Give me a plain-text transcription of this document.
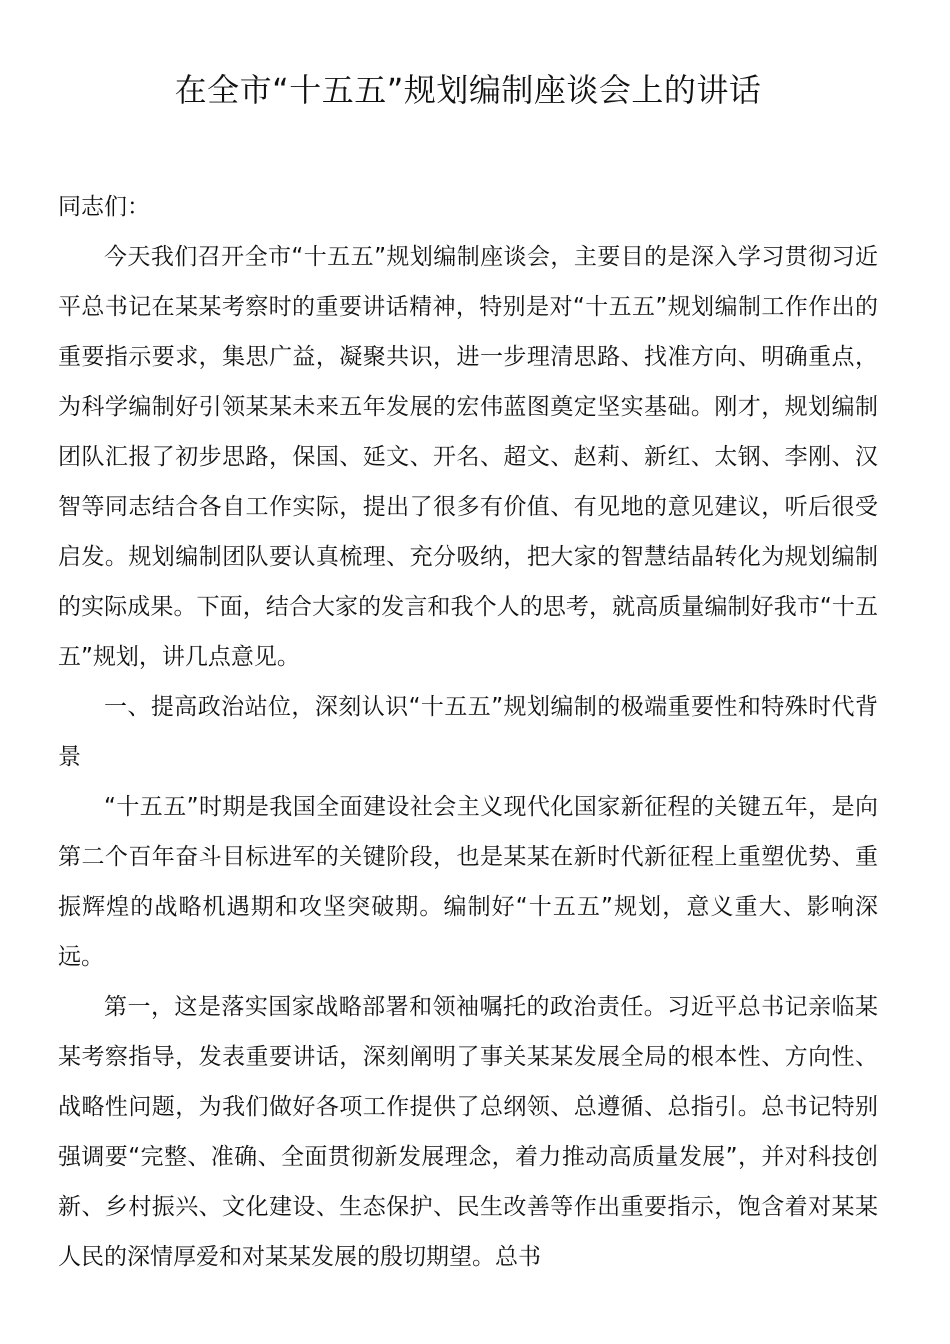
在全市“十五五”规划编制座谈会上的讲话

同志们：

今天我们召开全市“十五五”规划编制座谈会，主要目的是深入学习贯彻习近平总书记在某某考察时的重要讲话精神，特别是对“十五五”规划编制工作作出的重要指示要求，集思广益，凝聚共识，进一步理清思路、找准方向、明确重点，为科学编制好引领某某未来五年发展的宏伟蓝图奠定坚实基础。刚才，规划编制团队汇报了初步思路，保国、延文、开名、超文、赵莉、新红、太钢、李刚、汉智等同志结合各自工作实际，提出了很多有价值、有见地的意见建议，听后很受启发。规划编制团队要认真梳理、充分吸纳，把大家的智慧结晶转化为规划编制的实际成果。下面，结合大家的发言和我个人的思考，就高质量编制好我市“十五五”规划，讲几点意见。

一、提高政治站位，深刻认识“十五五”规划编制的极端重要性和特殊时代背景

“十五五”时期是我国全面建设社会主义现代化国家新征程的关键五年，是向第二个百年奋斗目标进军的关键阶段，也是某某在新时代新征程上重塑优势、重振辉煌的战略机遇期和攻坚突破期。编制好“十五五”规划，意义重大、影响深远。

第一，这是落实国家战略部署和领袖嘱托的政治责任。习近平总书记亲临某某考察指导，发表重要讲话，深刻阐明了事关某某发展全局的根本性、方向性、战略性问题，为我们做好各项工作提供了总纲领、总遵循、总指引。总书记特别强调要“完整、准确、全面贯彻新发展理念，着力推动高质量发展”，并对科技创新、乡村振兴、文化建设、生态保护、民生改善等作出重要指示，饱含着对某某人民的深情厚爱和对某某发展的殷切期望。总书
